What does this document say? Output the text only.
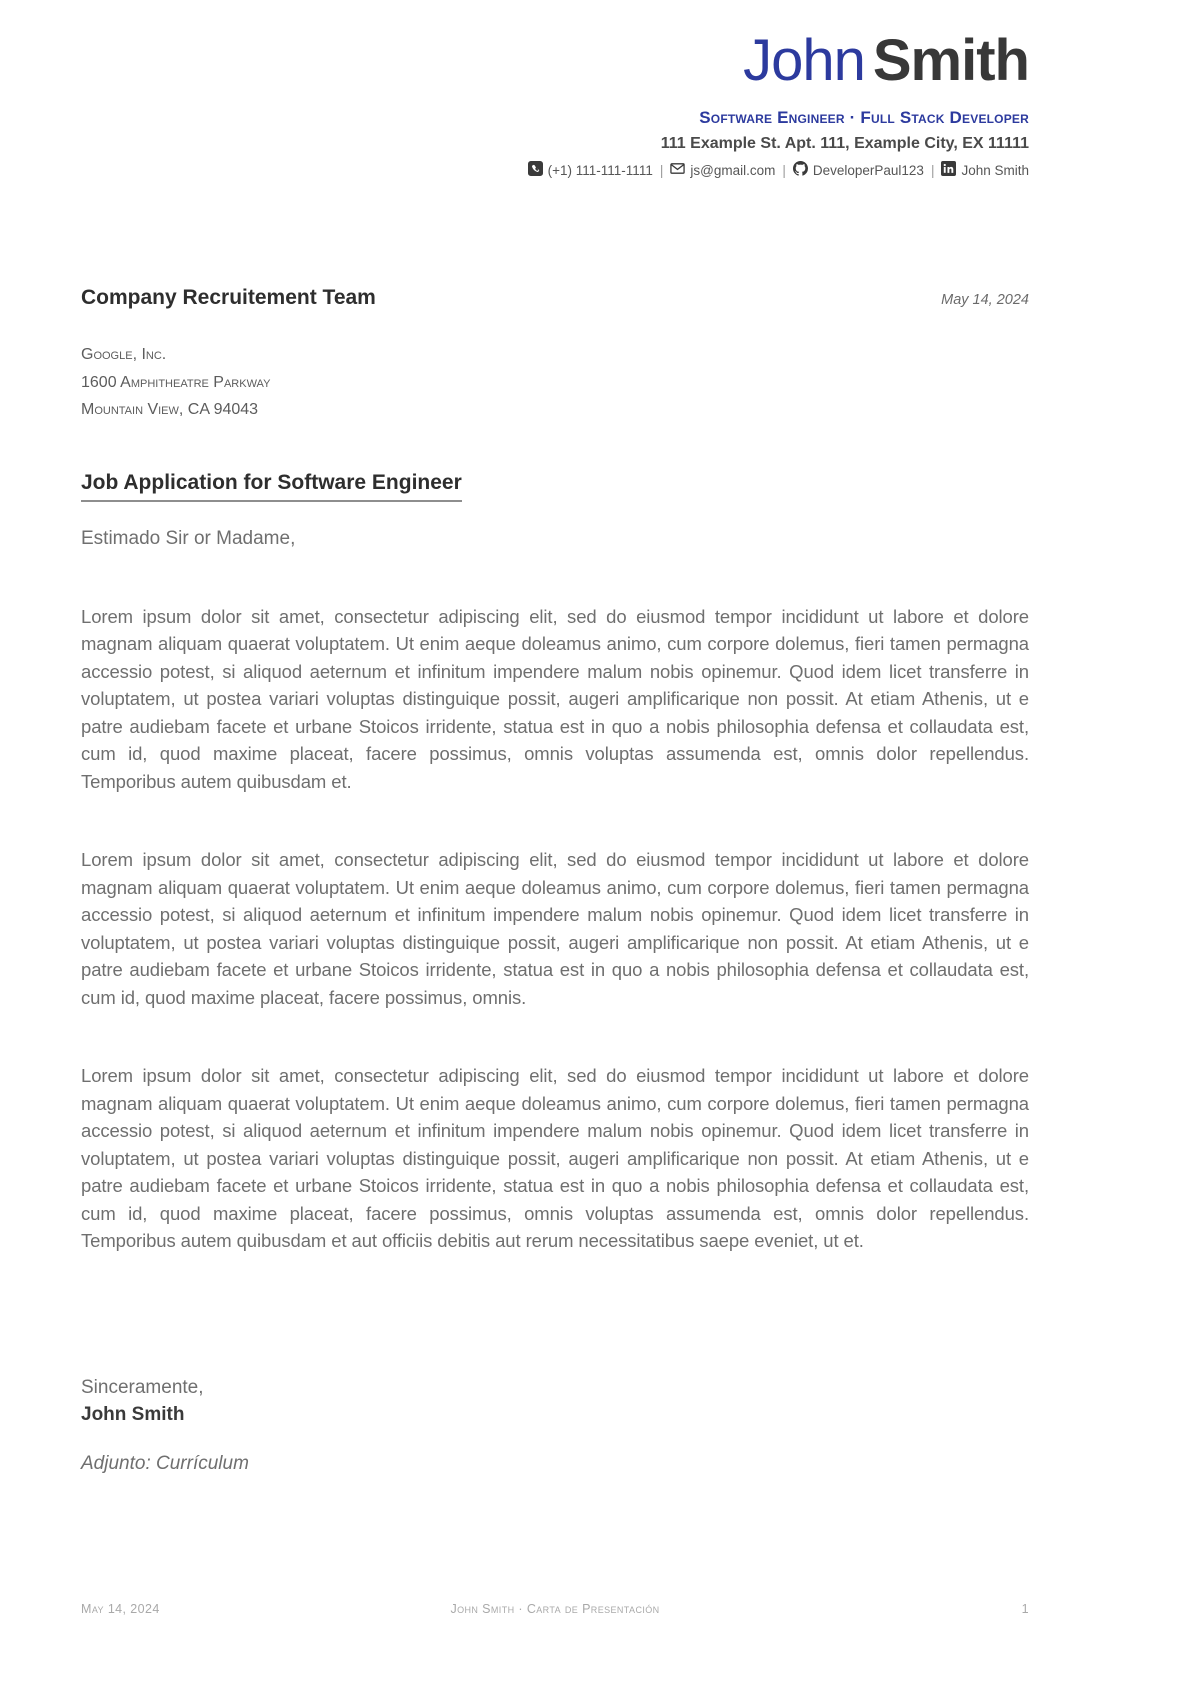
John Smith
Software Engineer · Full Stack Developer
111 Example St. Apt. 111, Example City, EX 11111
(+1) 111-111-1111 | js@gmail.com | DeveloperPaul123 | John Smith
Company Recruitement Team	May 14, 2024
Google, Inc.
1600 Amphitheatre Parkway
Mountain View, CA 94043
Job Application for Software Engineer

Estimado Sir or Madame,

Lorem ipsum dolor sit amet, consectetur adipiscing elit, sed do eiusmod tempor incididunt ut labore et dolore magnam aliquam quaerat voluptatem. Ut enim aeque doleamus animo, cum corpore dolemus, fieri tamen permagna accessio potest, si aliquod aeternum et infinitum impendere malum nobis opinemur. Quod idem licet transferre in voluptatem, ut postea variari voluptas distinguique possit, augeri amplificarique non possit. At etiam Athenis, ut e patre audiebam facete et urbane Stoicos irridente, statua est in quo a nobis philosophia defensa et collaudata est, cum id, quod maxime placeat, facere possimus, omnis voluptas assumenda est, omnis dolor repellendus. Temporibus autem quibusdam et.

Lorem ipsum dolor sit amet, consectetur adipiscing elit, sed do eiusmod tempor incididunt ut labore et dolore magnam aliquam quaerat voluptatem. Ut enim aeque doleamus animo, cum corpore dolemus, fieri tamen permagna accessio potest, si aliquod aeternum et infinitum impendere malum nobis opinemur. Quod idem licet transferre in voluptatem, ut postea variari voluptas distinguique possit, augeri amplificarique non possit. At etiam Athenis, ut e patre audiebam facete et urbane Stoicos irridente, statua est in quo a nobis philosophia defensa et collaudata est, cum id, quod maxime placeat, facere possimus, omnis.

Lorem ipsum dolor sit amet, consectetur adipiscing elit, sed do eiusmod tempor incididunt ut labore et dolore magnam aliquam quaerat voluptatem. Ut enim aeque doleamus animo, cum corpore dolemus, fieri tamen permagna accessio potest, si aliquod aeternum et infinitum impendere malum nobis opinemur. Quod idem licet transferre in voluptatem, ut postea variari voluptas distinguique possit, augeri amplificarique non possit. At etiam Athenis, ut e patre audiebam facete et urbane Stoicos irridente, statua est in quo a nobis philosophia defensa et collaudata est, cum id, quod maxime placeat, facere possimus, omnis voluptas assumenda est, omnis dolor repellendus. Temporibus autem quibusdam et aut officiis debitis aut rerum necessitatibus saepe eveniet, ut et.

Sinceramente,
John Smith
Adjunto: Currículum
May 14, 2024	John Smith · Carta de Presentación	1
